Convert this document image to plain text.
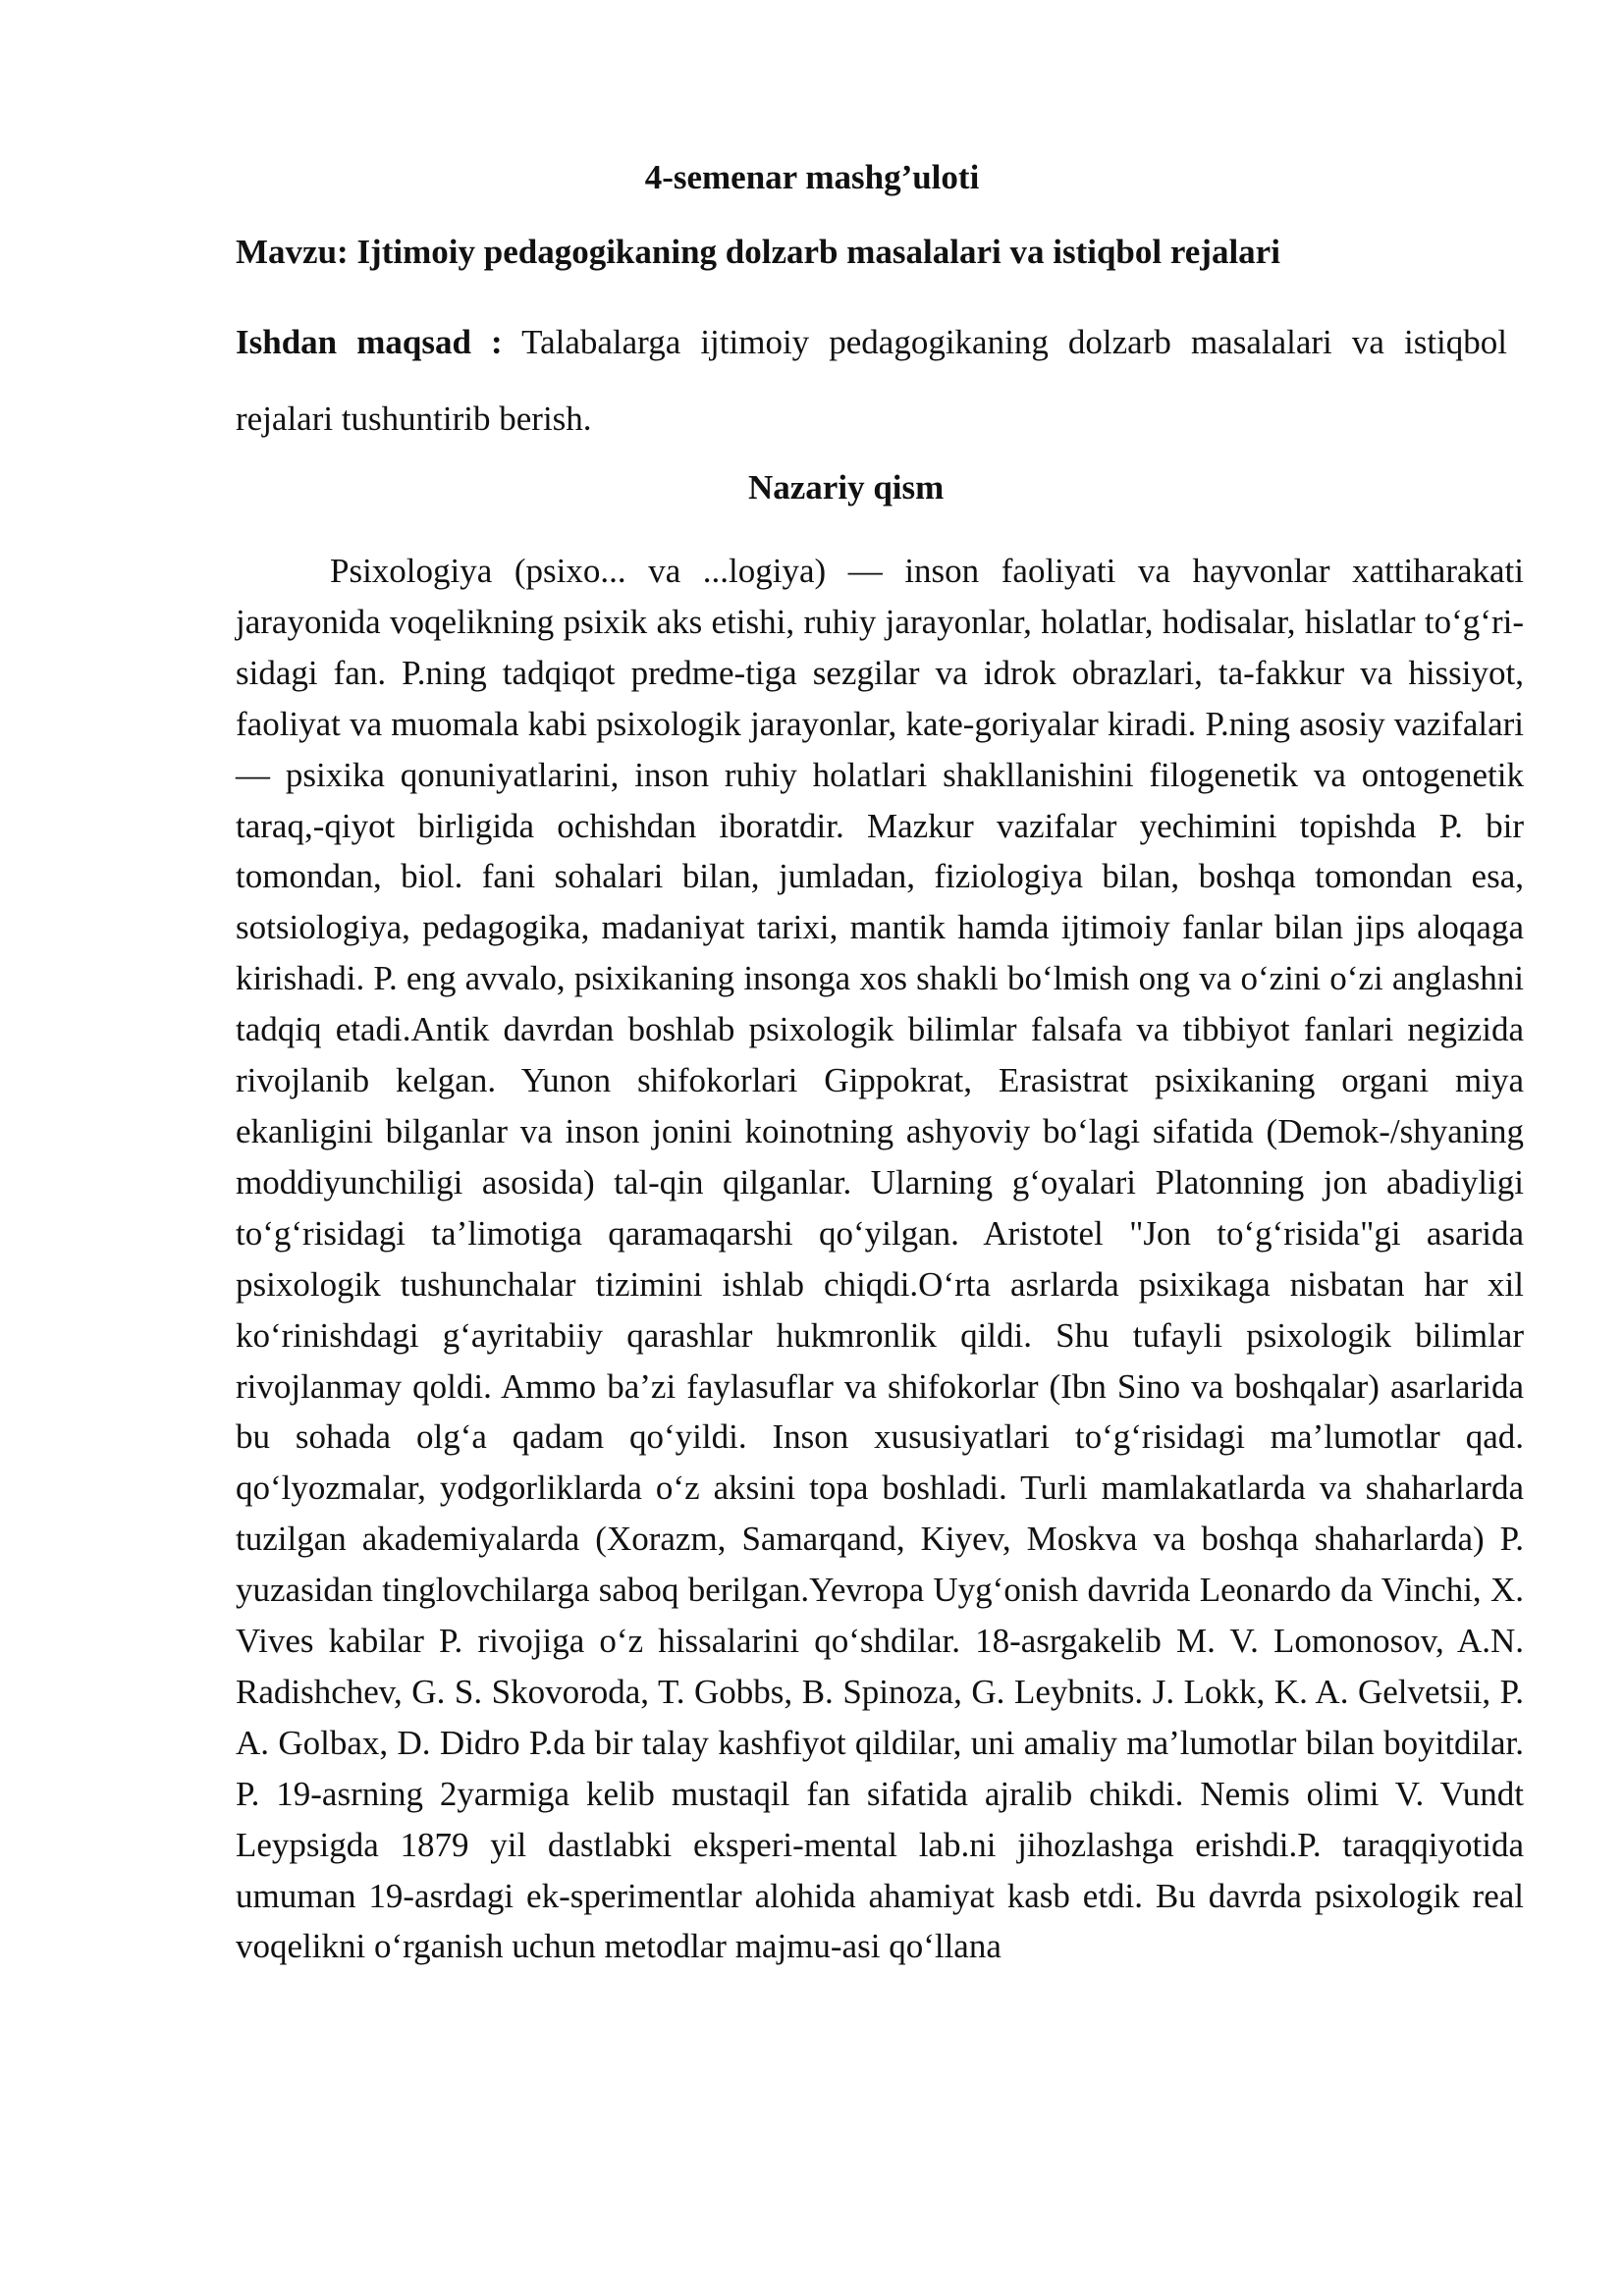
4-semenar mashg’uloti

Mavzu: Ijtimoiy pedagogikaning dolzarb masalalari va istiqbol rejalari

Ishdan maqsad : Talabalarga ijtimoiy pedagogikaning dolzarb masalalari va istiqbol rejalari tushuntirib berish.

Nazariy qism

Psixologiya (psixo... va ...logiya) — inson faoliyati va hayvonlar xattiharakati jarayonida voqelikning psixik aks etishi, ruhiy jarayonlar, holatlar, hodisalar, hislatlar to‘g‘ri-sidagi fan. P.ning tadqiqot predme-tiga sezgilar va idrok obrazlari, ta-fakkur va hissiyot, faoliyat va muomala kabi psixologik jarayonlar, kate-goriyalar kiradi. P.ning asosiy vazifalari — psixika qonuniyatlarini, inson ruhiy holatlari shakllanishini filogenetik va ontogenetik taraq,-qiyot birligida ochishdan iboratdir. Mazkur vazifalar yechimini topishda P. bir tomondan, biol. fani sohalari bilan, jumladan, fiziologiya bilan, boshqa tomondan esa, sotsiologiya, pedagogika, madaniyat tarixi, mantik hamda ijtimoiy fanlar bilan jips aloqaga kirishadi. P. eng avvalo, psixikaning insonga xos shakli bo‘lmish ong va o‘zini o‘zi anglashni tadqiq etadi.Antik davrdan boshlab psixologik bilimlar falsafa va tibbiyot fanlari negizida rivojlanib kelgan. Yunon shifokorlari Gippokrat, Erasistrat psixikaning organi miya ekanligini bilganlar va inson jonini koinotning ashyoviy bo‘lagi sifatida (Demok-/shyaning moddiyunchiligi asosida) tal-qin qilganlar. Ularning g‘oyalari Platonning jon abadiyligi to‘g‘risidagi ta’limotiga qaramaqarshi qo‘yilgan. Aristotel "Jon to‘g‘risida"gi asarida psixologik tushunchalar tizimini ishlab chiqdi.O‘rta asrlarda psixikaga nisbatan har xil ko‘rinishdagi g‘ayritabiiy qarashlar hukmronlik qildi. Shu tufayli psixologik bilimlar rivojlanmay qoldi. Ammo ba’zi faylasuflar va shifokorlar (Ibn Sino va boshqalar) asarlarida bu sohada olg‘a qadam qo‘yildi. Inson xususiyatlari to‘g‘risidagi ma’lumotlar qad. qo‘lyozmalar, yodgorliklarda o‘z aksini topa boshladi. Turli mamlakatlarda va shaharlarda tuzilgan akademiyalarda (Xorazm, Samarqand, Kiyev, Moskva va boshqa shaharlarda) P. yuzasidan tinglovchilarga saboq berilgan.Yevropa Uyg‘onish davrida Leonardo da Vinchi, X. Vives kabilar P. rivojiga o‘z hissalarini qo‘shdilar. 18-asrgakelib M. V. Lomonosov, A.N. Radishchev, G. S. Skovoroda, T. Gobbs, B. Spinoza, G. Leybnits. J. Lokk, K. A. Gelvetsii, P. A. Golbax, D. Didro P.da bir talay kashfiyot qildilar, uni amaliy ma’lumotlar bilan boyitdilar. P. 19-asrning 2yarmiga kelib mustaqil fan sifatida ajralib chikdi. Nemis olimi V. Vundt Leypsigda 1879 yil dastlabki eksperi-mental lab.ni jihozlashga erishdi.P. taraqqiyotida umuman 19-asrdagi ek-sperimentlar alohida ahamiyat kasb etdi. Bu davrda psixologik real voqelikni o‘rganish uchun metodlar majmu-asi qo‘llana
